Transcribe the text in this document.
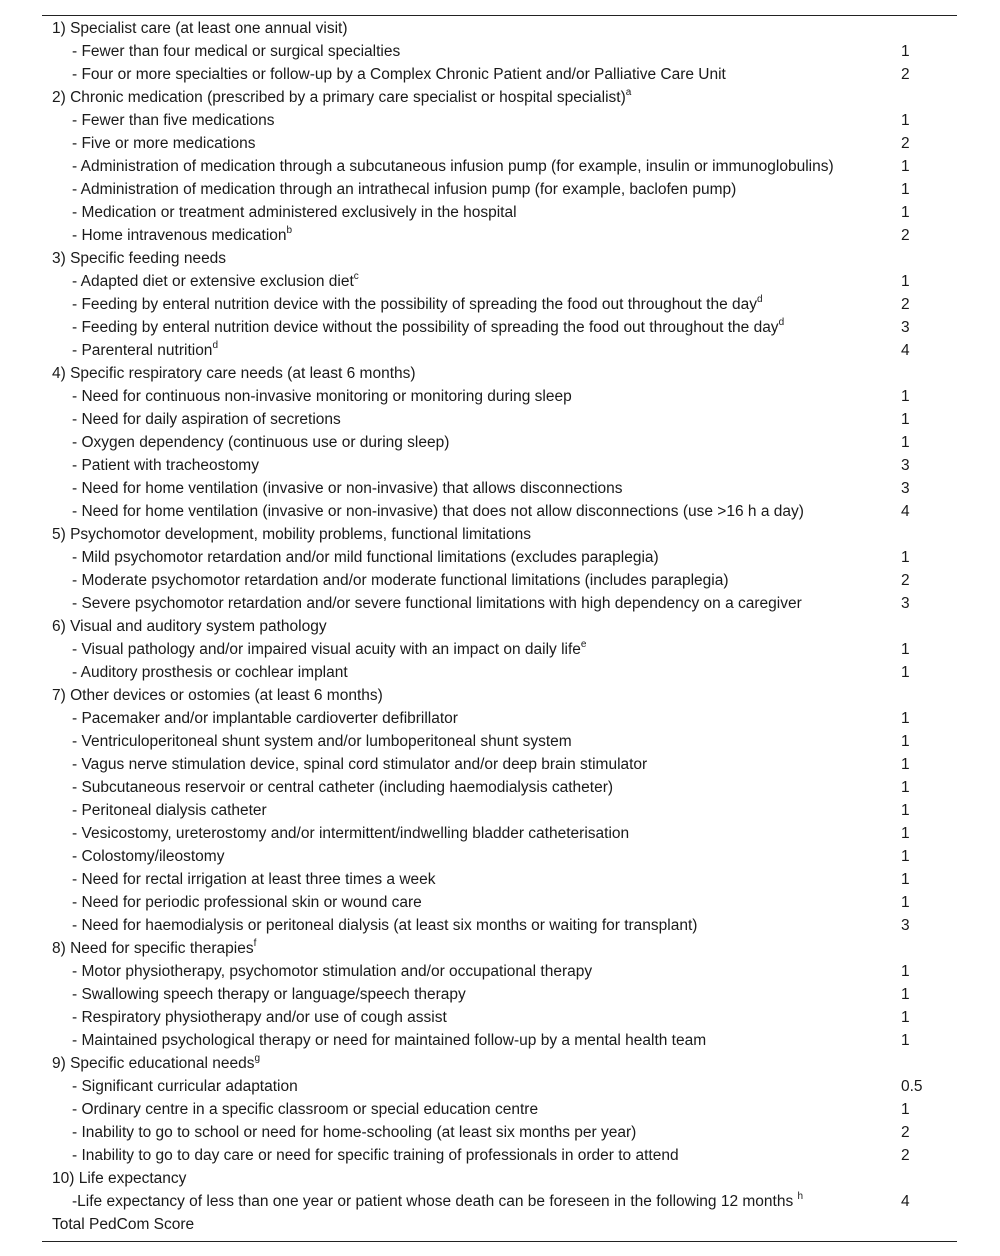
1) Specialist care (at least one annual visit)
- Fewer than four medical or surgical specialties	1
- Four or more specialties or follow-up by a Complex Chronic Patient and/or Palliative Care Unit	2
2) Chronic medication (prescribed by a primary care specialist or hospital specialist)$^a$
- Fewer than five medications	1
- Five or more medications	2
- Administration of medication through a subcutaneous infusion pump (for example, insulin or immunoglobulins)	1
- Administration of medication through an intrathecal infusion pump (for example, baclofen pump)	1
- Medication or treatment administered exclusively in the hospital	1
- Home intravenous medication$^b$	2
3) Specific feeding needs
- Adapted diet or extensive exclusion diet$^c$	1
- Feeding by enteral nutrition device with the possibility of spreading the food out throughout the day$^d$	2
- Feeding by enteral nutrition device without the possibility of spreading the food out throughout the day$^d$	3
- Parenteral nutrition$^d$	4
4) Specific respiratory care needs (at least 6 months)
- Need for continuous non-invasive monitoring or monitoring during sleep	1
- Need for daily aspiration of secretions	1
- Oxygen dependency (continuous use or during sleep)	1
- Patient with tracheostomy	3
- Need for home ventilation (invasive or non-invasive) that allows disconnections	3
- Need for home ventilation (invasive or non-invasive) that does not allow disconnections (use >16 h a day)	4
5) Psychomotor development, mobility problems, functional limitations
- Mild psychomotor retardation and/or mild functional limitations (excludes paraplegia)	1
- Moderate psychomotor retardation and/or moderate functional limitations (includes paraplegia)	2
- Severe psychomotor retardation and/or severe functional limitations with high dependency on a caregiver	3
6) Visual and auditory system pathology
- Visual pathology and/or impaired visual acuity with an impact on daily life$^e$	1
- Auditory prosthesis or cochlear implant	1
7) Other devices or ostomies (at least 6 months)
- Pacemaker and/or implantable cardioverter defibrillator	1
- Ventriculoperitoneal shunt system and/or lumboperitoneal shunt system	1
- Vagus nerve stimulation device, spinal cord stimulator and/or deep brain stimulator	1
- Subcutaneous reservoir or central catheter (including haemodialysis catheter)	1
- Peritoneal dialysis catheter	1
- Vesicostomy, ureterostomy and/or intermittent/indwelling bladder catheterisation	1
- Colostomy/ileostomy	1
- Need for rectal irrigation at least three times a week	1
- Need for periodic professional skin or wound care	1
- Need for haemodialysis or peritoneal dialysis (at least six months or waiting for transplant)	3
8) Need for specific therapies$^f$
- Motor physiotherapy, psychomotor stimulation and/or occupational therapy	1
- Swallowing speech therapy or language/speech therapy	1
- Respiratory physiotherapy and/or use of cough assist	1
- Maintained psychological therapy or need for maintained follow-up by a mental health team	1
9) Specific educational needs$^g$
- Significant curricular adaptation	0.5
- Ordinary centre in a specific classroom or special education centre	1
- Inability to go to school or need for home-schooling (at least six months per year)	2
- Inability to go to day care or need for specific training of professionals in order to attend	2
10) Life expectancy
-Life expectancy of less than one year or patient whose death can be foreseen in the following 12 months $^h$	4
Total PedCom Score
